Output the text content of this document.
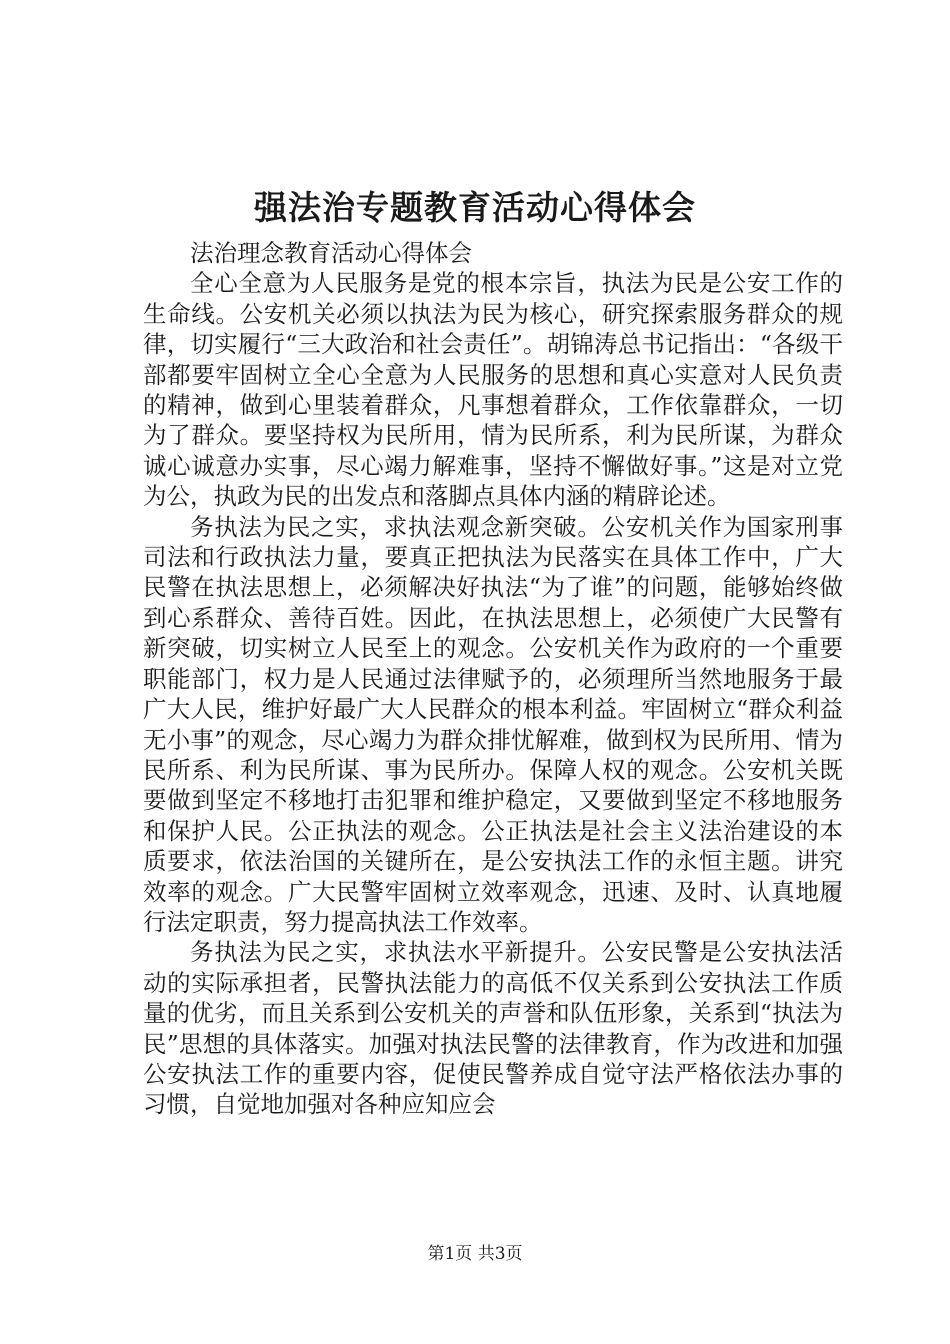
强法治专题教育活动心得体会

法治理念教育活动心得体会

全心全意为人民服务是党的根本宗旨，执法为民是公安工作的生命线。公安机关必须以执法为民为核心，研究探索服务群众的规律，切实履行“三大政治和社会责任”。胡锦涛总书记指出：“各级干部都要牢固树立全心全意为人民服务的思想和真心实意对人民负责的精神，做到心里装着群众，凡事想着群众，工作依靠群众，一切为了群众。要坚持权为民所用，情为民所系，利为民所谋，为群众诚心诚意办实事，尽心竭力解难事，坚持不懈做好事。”这是对立党为公，执政为民的出发点和落脚点具体内涵的精辟论述。

务执法为民之实，求执法观念新突破。公安机关作为国家刑事司法和行政执法力量，要真正把执法为民落实在具体工作中，广大民警在执法思想上，必须解决好执法“为了谁”的问题，能够始终做到心系群众、善待百姓。因此，在执法思想上，必须使广大民警有新突破，切实树立人民至上的观念。公安机关作为政府的一个重要职能部门，权力是人民通过法律赋予的，必须理所当然地服务于最广大人民，维护好最广大人民群众的根本利益。牢固树立“群众利益无小事”的观念，尽心竭力为群众排忧解难，做到权为民所用、情为民所系、利为民所谋、事为民所办。保障人权的观念。公安机关既要做到坚定不移地打击犯罪和维护稳定，又要做到坚定不移地服务和保护人民。公正执法的观念。公正执法是社会主义法治建设的本质要求，依法治国的关键所在，是公安执法工作的永恒主题。讲究效率的观念。广大民警牢固树立效率观念，迅速、及时、认真地履行法定职责，努力提高执法工作效率。

务执法为民之实，求执法水平新提升。公安民警是公安执法活动的实际承担者，民警执法能力的高低不仅关系到公安执法工作质量的优劣，而且关系到公安机关的声誉和队伍形象，关系到“执法为民”思想的具体落实。加强对执法民警的法律教育，作为改进和加强公安执法工作的重要内容，促使民警养成自觉守法严格依法办事的习惯，自觉地加强对各种应知应会

第1页 共3页
